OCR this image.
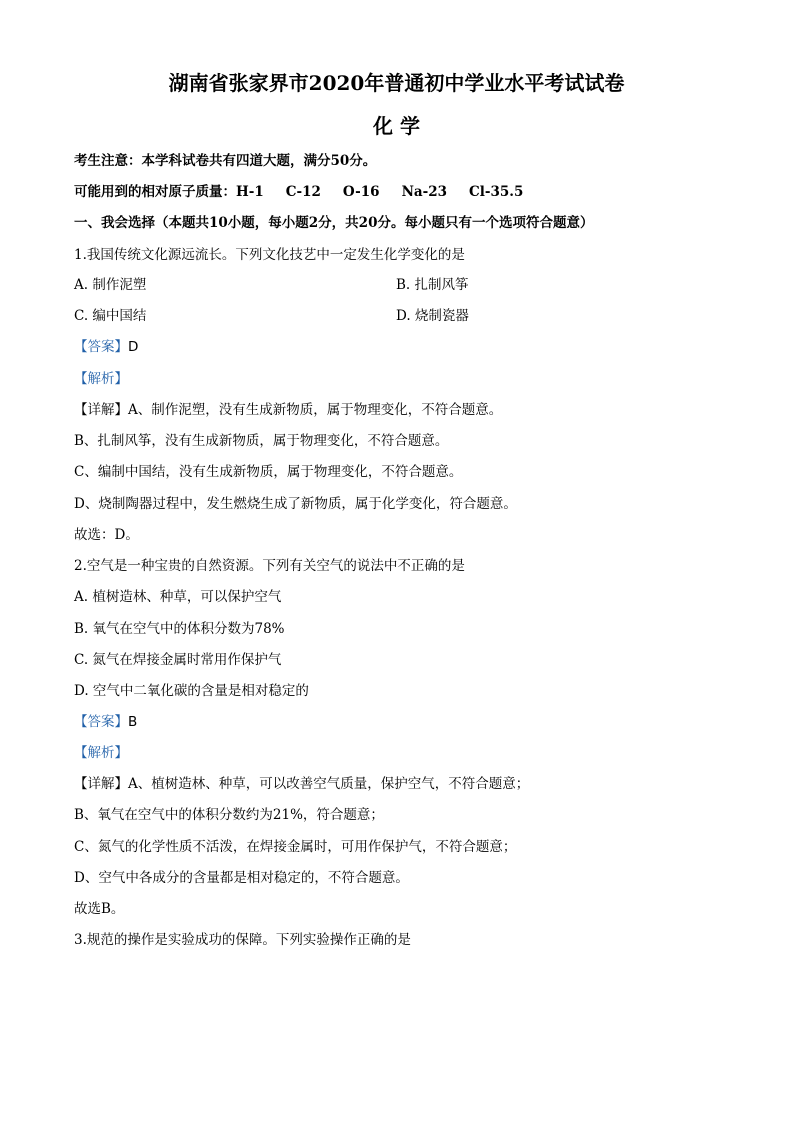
湖南省张家界市2020年普通初中学业水平考试试卷
化 学
考生注意：本学科试卷共有四道大题，满分50分。
可能用到的相对原子质量：H-1 C-12 O-16 Na-23 Cl-35.5
一、我会选择（本题共10小题，每小题2分，共20分。每小题只有一个选项符合题意）
1.我国传统文化源远流长。下列文化技艺中一定发生化学变化的是
A. 制作泥塑	B. 扎制风筝
C. 编中国结	D. 烧制瓷器
【答案】D
【解析】
【详解】A、制作泥塑，没有生成新物质，属于物理变化，不符合题意。
B、扎制风筝，没有生成新物质，属于物理变化，不符合题意。
C、编制中国结，没有生成新物质，属于物理变化，不符合题意。
D、烧制陶器过程中，发生燃烧生成了新物质，属于化学变化，符合题意。
故选：D。
2.空气是一种宝贵的自然资源。下列有关空气的说法中不正确的是
A. 植树造林、种草，可以保护空气
B. 氧气在空气中的体积分数为78%
C. 氮气在焊接金属时常用作保护气
D. 空气中二氧化碳的含量是相对稳定的
【答案】B
【解析】
【详解】A、植树造林、种草，可以改善空气质量，保护空气，不符合题意；
B、氧气在空气中的体积分数约为21%，符合题意；
C、氮气的化学性质不活泼，在焊接金属时，可用作保护气，不符合题意；
D、空气中各成分的含量都是相对稳定的，不符合题意。
故选B。
3.规范的操作是实验成功的保障。下列实验操作正确的是
